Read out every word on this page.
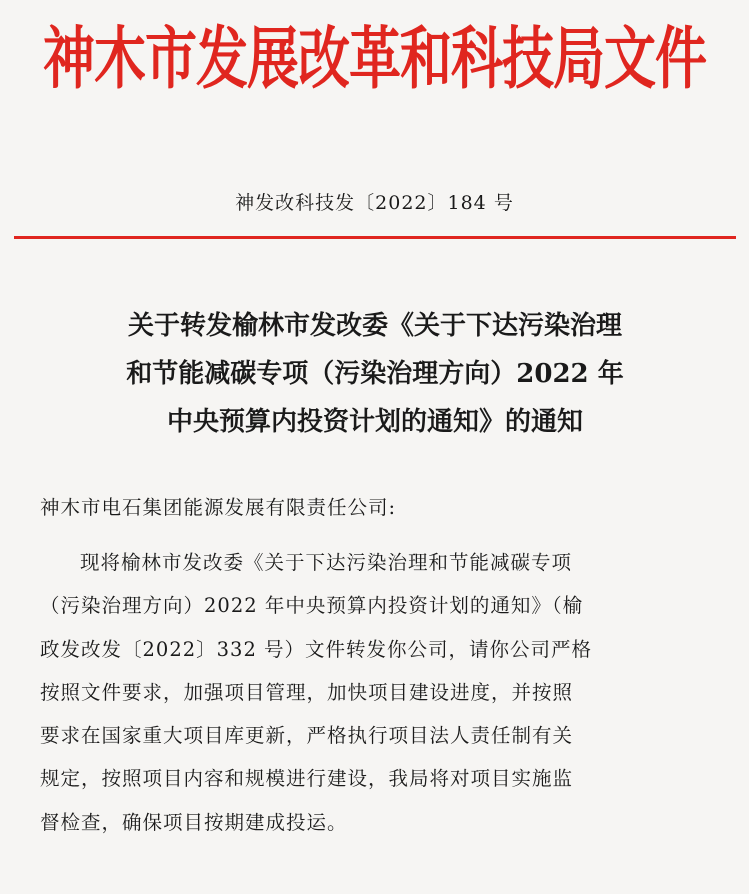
神木市发展改革和科技局文件
神发改科技发〔2022〕184 号
关于转发榆林市发改委《关于下达污染治理
和节能减碳专项（污染治理方向）2022 年
中央预算内投资计划的通知》的通知
神木市电石集团能源发展有限责任公司:
现将榆林市发改委《关于下达污染治理和节能减碳专项
（污染治理方向）2022 年中央预算内投资计划的通知》（榆
政发改发〔2022〕332 号）文件转发你公司，请你公司严格
按照文件要求，加强项目管理，加快项目建设进度，并按照
要求在国家重大项目库更新，严格执行项目法人责任制有关
规定，按照项目内容和规模进行建设，我局将对项目实施监
督检查，确保项目按期建成投运。
